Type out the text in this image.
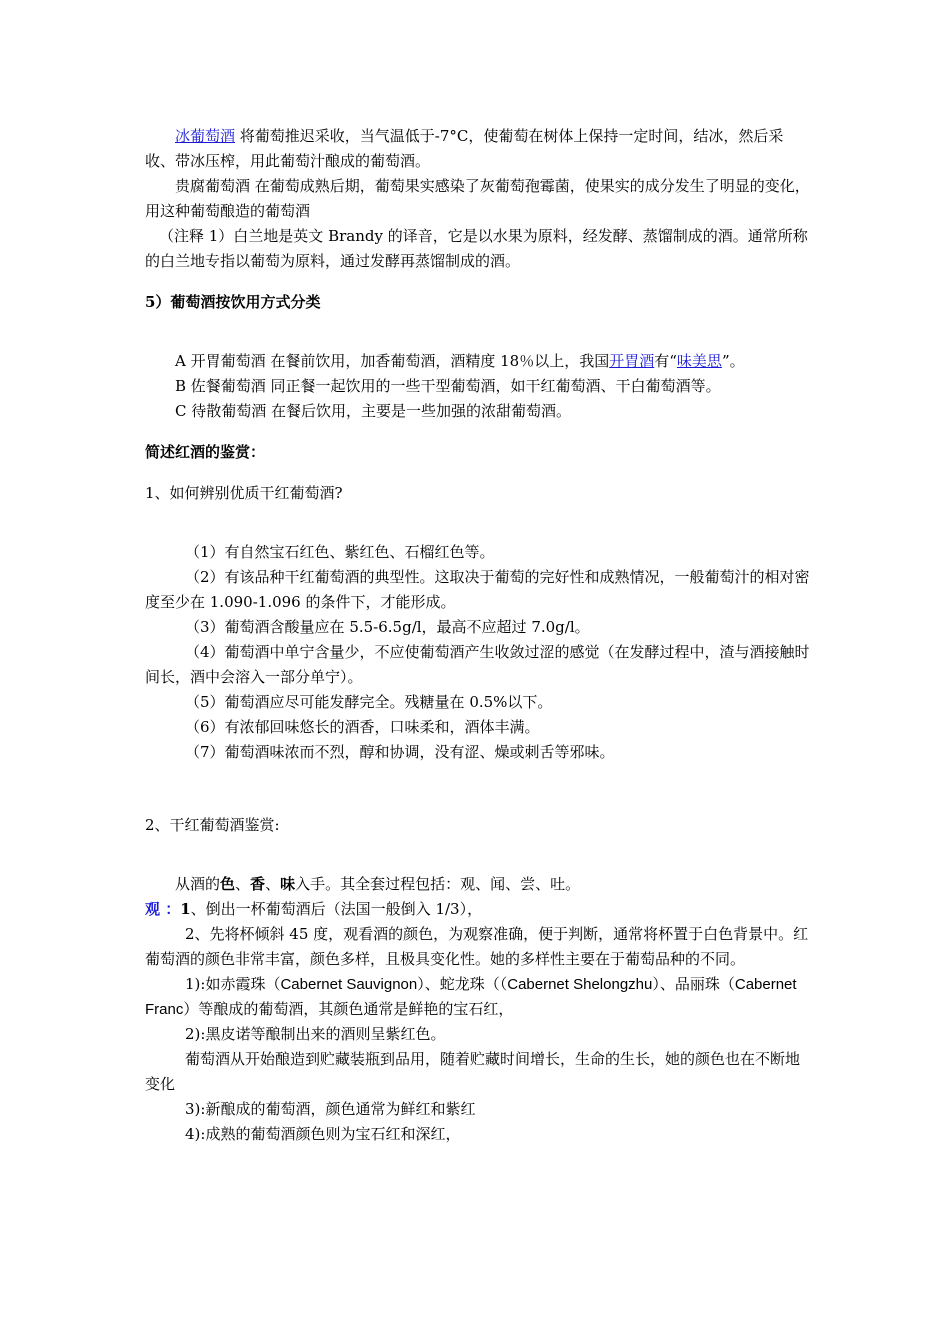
冰葡萄酒 将葡萄推迟采收，当气温低于-7°C，使葡萄在树体上保持一定时间，结冰，然后采收、带冰压榨，用此葡萄汁酿成的葡萄酒。

贵腐葡萄酒 在葡萄成熟后期，葡萄果实感染了灰葡萄孢霉菌，使果实的成分发生了明显的变化，用这种葡萄酿造的葡萄酒

（注释 1）白兰地是英文 Brandy 的译音，它是以水果为原料，经发酵、蒸馏制成的酒。通常所称的白兰地专指以葡萄为原料，通过发酵再蒸馏制成的酒。

5）葡萄酒按饮用方式分类

A 开胃葡萄酒 在餐前饮用，加香葡萄酒，酒精度 18％以上，我国开胃酒有“味美思”。

B 佐餐葡萄酒 同正餐一起饮用的一些干型葡萄酒，如干红葡萄酒、干白葡萄酒等。

C 待散葡萄酒 在餐后饮用，主要是一些加强的浓甜葡萄酒。

简述红酒的鉴赏：

1、如何辨别优质干红葡萄酒?

（1）有自然宝石红色、紫红色、石榴红色等。

（2）有该品种干红葡萄酒的典型性。这取决于葡萄的完好性和成熟情况，一般葡萄汁的相对密度至少在 1.090-1.096 的条件下，才能形成。

（3）葡萄酒含酸量应在 5.5-6.5g/l，最高不应超过 7.0g/l。

（4）葡萄酒中单宁含量少，不应使葡萄酒产生收敛过涩的感觉（在发酵过程中，渣与酒接触时间长，酒中会溶入一部分单宁）。

（5）葡萄酒应尽可能发酵完全。残糖量在 0.5%以下。

（6）有浓郁回味悠长的酒香，口味柔和，酒体丰满。

（7）葡萄酒味浓而不烈，醇和协调，没有涩、燥或刺舌等邪味。

2、干红葡萄酒鉴赏:

从酒的色、香、味入手。其全套过程包括：观、闻、尝、吐。

观 ：1、倒出一杯葡萄酒后（法国一般倒入 1/3），

2、先将杯倾斜 45 度，观看酒的颜色，为观察准确，便于判断，通常将杯置于白色背景中。红葡萄酒的颜色非常丰富，颜色多样，且极具变化性。她的多样性主要在于葡萄品种的不同。

1):如赤霞珠（Cabernet Sauvignon）、蛇龙珠（（Cabernet Shelongzhu）、品丽珠（Cabernet Franc）等酿成的葡萄酒，其颜色通常是鲜艳的宝石红，

2):黑皮诺等酿制出来的酒则呈紫红色。

葡萄酒从开始酿造到贮藏装瓶到品用，随着贮藏时间增长，生命的生长，她的颜色也在不断地变化

3):新酿成的葡萄酒，颜色通常为鲜红和紫红

4):成熟的葡萄酒颜色则为宝石红和深红，
